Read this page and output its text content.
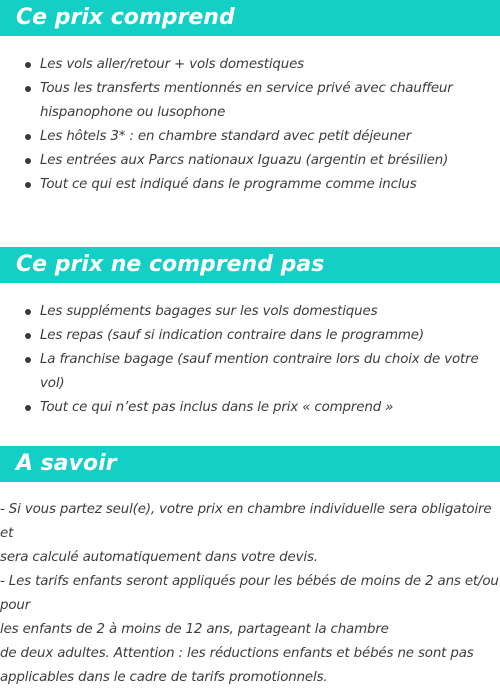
Ce prix comprend
Les vols aller/retour + vols domestiques
Tous les transferts mentionnés en service privé avec chauffeur hispanophone ou lusophone
Les hôtels 3* : en chambre standard avec petit déjeuner
Les entrées aux Parcs nationaux Iguazu (argentin et brésilien)
Tout ce qui est indiqué dans le programme comme inclus
Ce prix ne comprend pas
Les suppléments bagages sur les vols domestiques
Les repas (sauf si indication contraire dans le programme)
La franchise bagage (sauf mention contraire lors du choix de votre vol)
Tout ce qui n’est pas inclus dans le prix « comprend »
A savoir
- Si vous partez seul(e), votre prix en chambre individuelle sera obligatoire et
sera calculé automatiquement dans votre devis.
- Les tarifs enfants seront appliqués pour les bébés de moins de 2 ans et/ou pour
les enfants de 2 à moins de 12 ans, partageant la chambre
de deux adultes. Attention : les réductions enfants et bébés ne sont pas
applicables dans le cadre de tarifs promotionnels.
